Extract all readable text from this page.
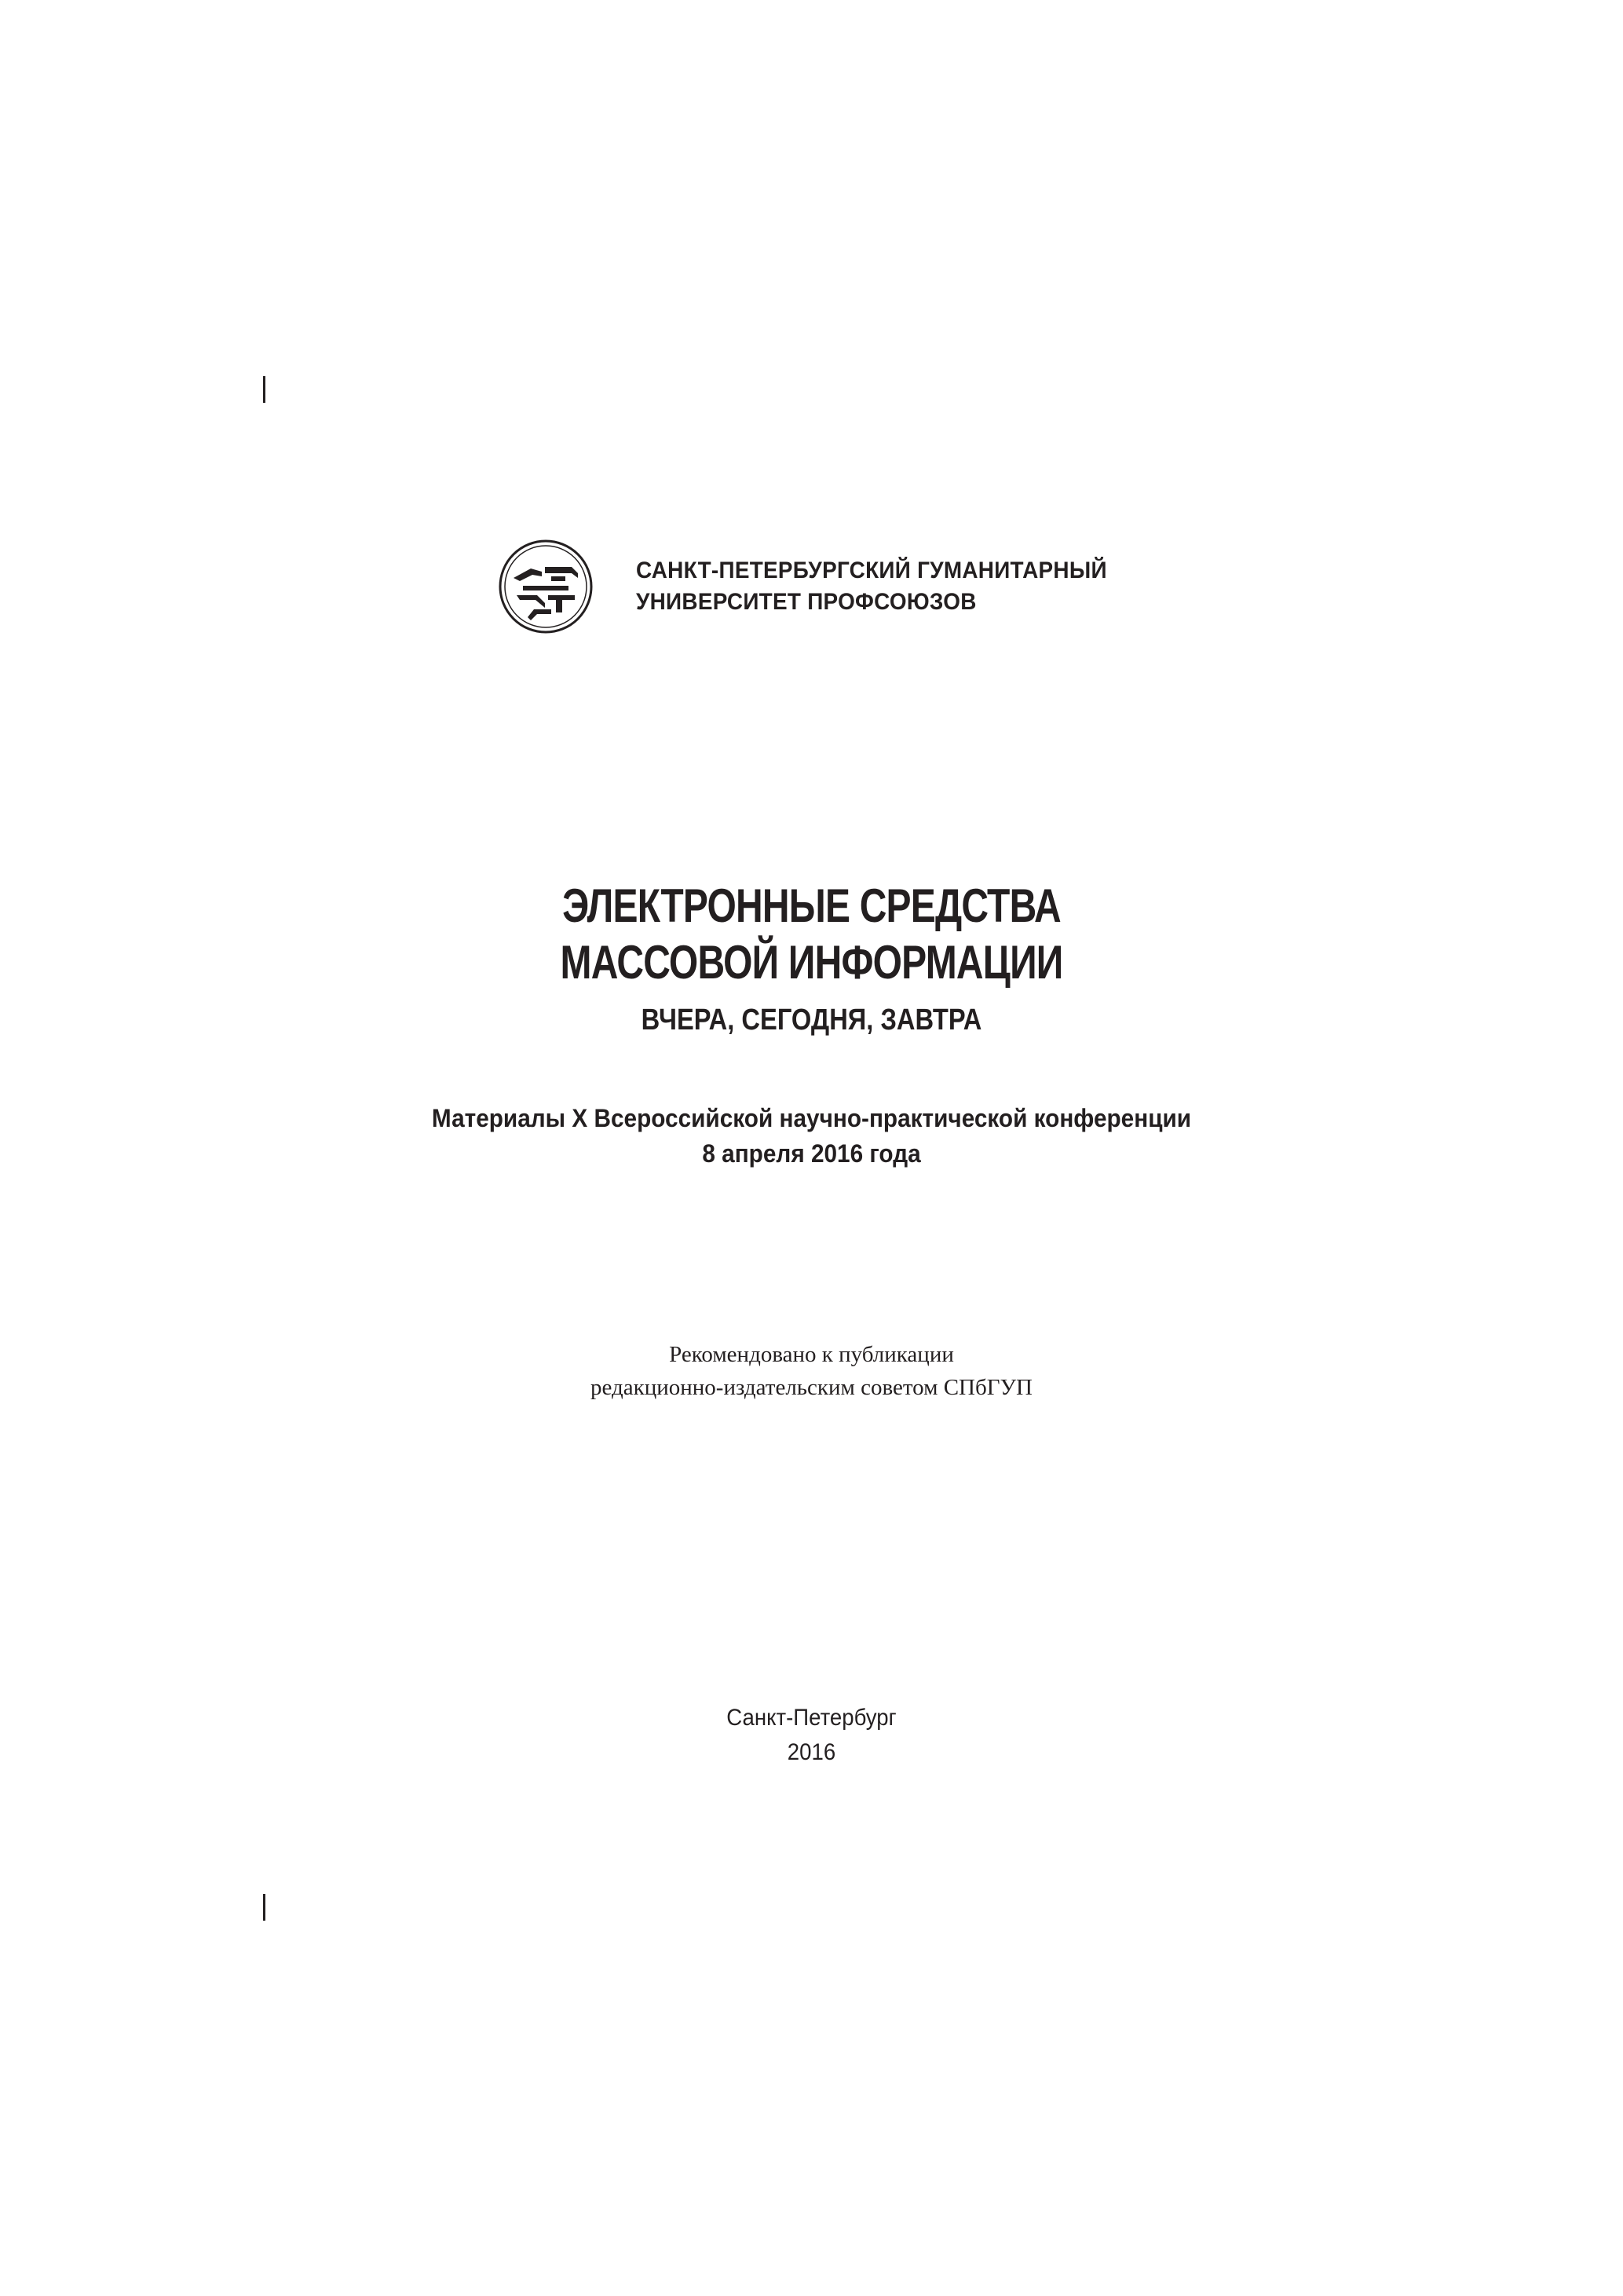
САНКТ-ПЕТЕРБУРГСКИЙ ГУМАНИТАРНЫЙ
УНИВЕРСИТЕТ ПРОФСОЮЗОВ
ЭЛЕКТРОННЫЕ СРЕДСТВА
МАССОВОЙ ИНФОРМАЦИИ
ВЧЕРА, СЕГОДНЯ, ЗАВТРА
Материалы X Всероссийской научно-практической конференции
8 апреля 2016 года
Рекомендовано к публикации
редакционно-издательским советом СПбГУП
Санкт-Петербург
2016
